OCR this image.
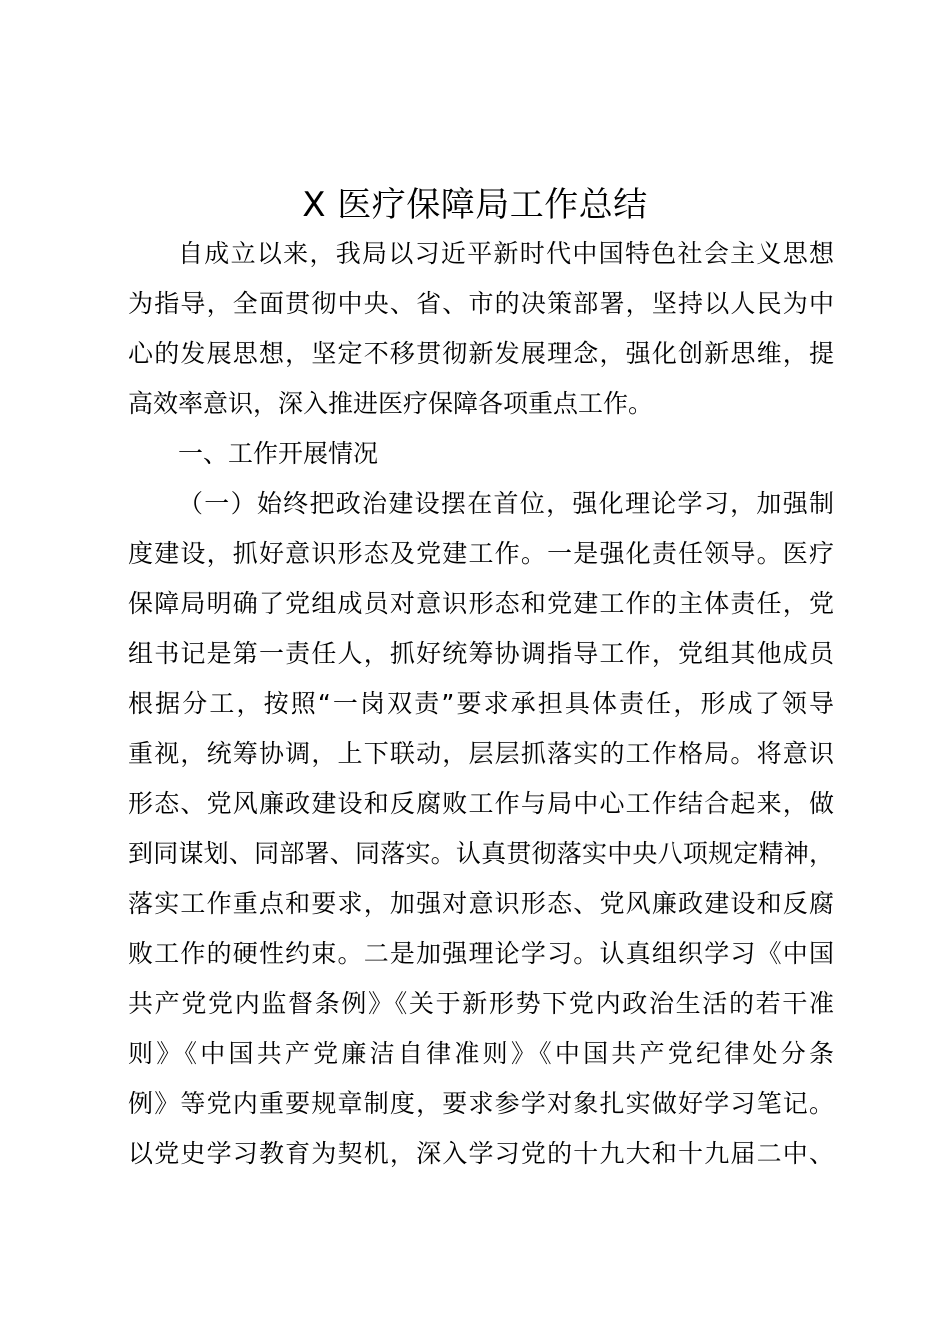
X 医疗保障局工作总结
自成立以来，我局以习近平新时代中国特色社会主义思想
为指导，全面贯彻中央、省、市的决策部署，坚持以人民为中
心的发展思想，坚定不移贯彻新发展理念，强化创新思维，提
高效率意识，深入推进医疗保障各项重点工作。
一、工作开展情况
（一）始终把政治建设摆在首位，强化理论学习，加强制
度建设，抓好意识形态及党建工作。一是强化责任领导。医疗
保障局明确了党组成员对意识形态和党建工作的主体责任，党
组书记是第一责任人，抓好统筹协调指导工作，党组其他成员
根据分工，按照“一岗双责”要求承担具体责任，形成了领导
重视，统筹协调，上下联动，层层抓落实的工作格局。将意识
形态、党风廉政建设和反腐败工作与局中心工作结合起来，做
到同谋划、同部署、同落实。认真贯彻落实中央八项规定精神，
落实工作重点和要求，加强对意识形态、党风廉政建设和反腐
败工作的硬性约束。二是加强理论学习。认真组织学习《中国
共产党党内监督条例》《关于新形势下党内政治生活的若干准
则》《中国共产党廉洁自律准则》《中国共产党纪律处分条
例》等党内重要规章制度，要求参学对象扎实做好学习笔记。
以党史学习教育为契机，深入学习党的十九大和十九届二中、
